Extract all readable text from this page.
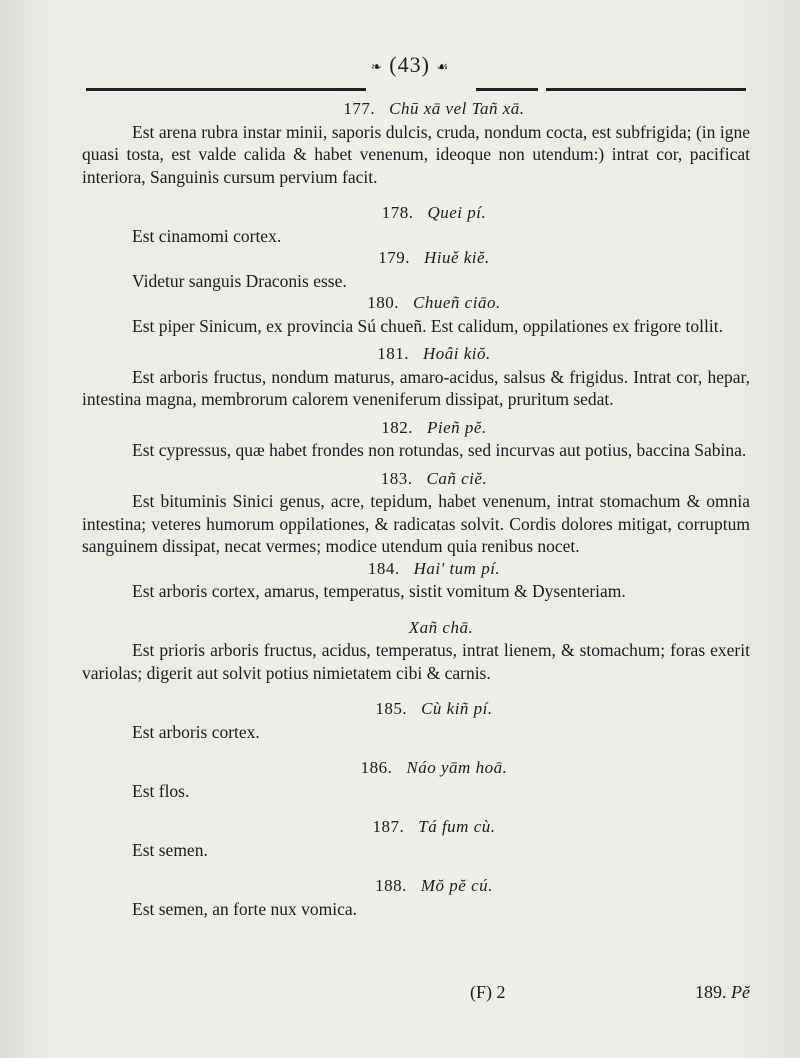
❧ (43) ☙

177. Chū xā vel Tañ xā.

Est arena rubra instar minii, saporis dulcis, cruda, nondum cocta, est subfrigida; (in igne quasi tosta, est valde calida & habet venenum, ideoque non utendum:) intrat cor, pacificat interiora, Sanguinis cursum pervium facit.

178. Quei pí.

Est cinamomi cortex.

179. Hiuě kiĕ.

Videtur sanguis Draconis esse.

180. Chueñ ciāo.

Est piper Sinicum, ex provincia Sú chueñ. Est calidum, oppilationes ex frigore tollit.

181. Hoâi kiŏ.

Est arboris fructus, nondum maturus, amaro-acidus, salsus & frigidus. Intrat cor, hepar, intestina magna, membrorum calorem veneniferum dissipat, pruritum sedat.

182. Pieñ pĕ.

Est cypressus, quæ habet frondes non rotundas, sed incurvas aut potius, baccina Sabina.

183. Cañ ciĕ.

Est bituminis Sinici genus, acre, tepidum, habet venenum, intrat stomachum & omnia intestina; veteres humorum oppilationes, & radicatas solvit. Cordis dolores mitigat, corruptum sanguinem dissipat, necat vermes; modice utendum quia renibus nocet.

184. Hai' tum pí.

Est arboris cortex, amarus, temperatus, sistit vomitum & Dysenteriam.

Xañ chā.

Est prioris arboris fructus, acidus, temperatus, intrat lienem, & stomachum; foras exerit variolas; digerit aut solvit potius nimietatem cibi & carnis.

185. Cù kiñ pí.

Est arboris cortex.

186. Náo yām hoā.

Est flos.

187. Tá fum cù.

Est semen.

188. Mŏ pĕ cú.

Est semen, an forte nux vomica.

(F) 2	189. Pĕ
